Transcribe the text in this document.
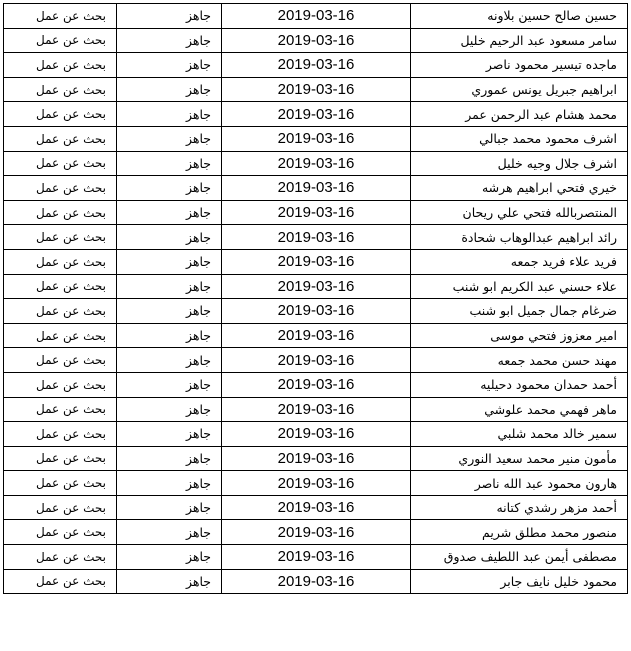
حسين صالح حسين بلاونه	2019-03-16	جاهز	بحث عن عمل
سامر مسعود عبد الرحيم خليل	2019-03-16	جاهز	بحث عن عمل
ماجده تيسير محمود ناصر	2019-03-16	جاهز	بحث عن عمل
ابراهيم جبريل يونس عموري	2019-03-16	جاهز	بحث عن عمل
محمد هشام عبد الرحمن عمر	2019-03-16	جاهز	بحث عن عمل
اشرف محمود محمد جبالي	2019-03-16	جاهز	بحث عن عمل
اشرف جلال وجيه خليل	2019-03-16	جاهز	بحث عن عمل
خيري فتحي ابراهيم هرشه	2019-03-16	جاهز	بحث عن عمل
المنتصربالله فتحي علي ريحان	2019-03-16	جاهز	بحث عن عمل
رائد ابراهيم عبدالوهاب شحادة	2019-03-16	جاهز	بحث عن عمل
فريد علاء فريد جمعه	2019-03-16	جاهز	بحث عن عمل
علاء حسني عبد الكريم ابو شنب	2019-03-16	جاهز	بحث عن عمل
ضرغام جمال جميل ابو شنب	2019-03-16	جاهز	بحث عن عمل
امير معزوز فتحي موسى	2019-03-16	جاهز	بحث عن عمل
مهند حسن محمد جمعه	2019-03-16	جاهز	بحث عن عمل
أحمد حمدان محمود دحيليه	2019-03-16	جاهز	بحث عن عمل
ماهر فهمي محمد علوشي	2019-03-16	جاهز	بحث عن عمل
سمير خالد محمد شلبي	2019-03-16	جاهز	بحث عن عمل
مأمون منير محمد سعيد النوري	2019-03-16	جاهز	بحث عن عمل
هارون محمود عبد الله ناصر	2019-03-16	جاهز	بحث عن عمل
أحمد مزهر رشدي كتانه	2019-03-16	جاهز	بحث عن عمل
منصور محمد مطلق شريم	2019-03-16	جاهز	بحث عن عمل
مصطفى أيمن عبد اللطيف صدوق	2019-03-16	جاهز	بحث عن عمل
محمود خليل نايف جابر	2019-03-16	جاهز	بحث عن عمل
